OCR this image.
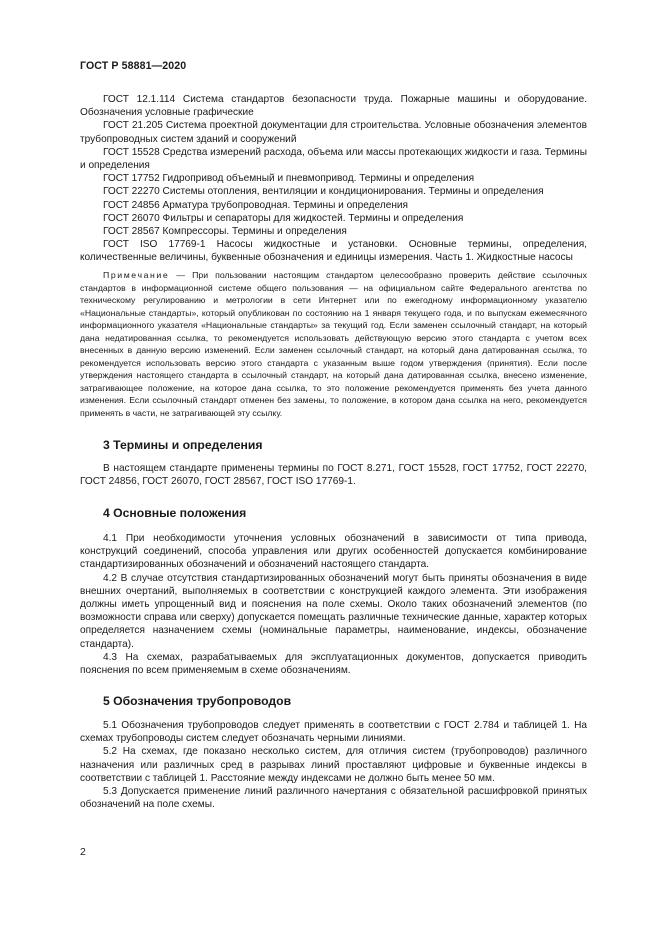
ГОСТ Р 58881—2020

ГОСТ 12.1.114 Система стандартов безопасности труда. Пожарные машины и оборудование. Обозначения условные графические

ГОСТ 21.205 Система проектной документации для строительства. Условные обозначения элементов трубопроводных систем зданий и сооружений

ГОСТ 15528 Средства измерений расхода, объема или массы протекающих жидкости и газа. Термины и определения

ГОСТ 17752 Гидропривод объемный и пневмопривод. Термины и определения

ГОСТ 22270 Системы отопления, вентиляции и кондиционирования. Термины и определения

ГОСТ 24856 Арматура трубопроводная. Термины и определения

ГОСТ 26070 Фильтры и сепараторы для жидкостей. Термины и определения

ГОСТ 28567 Компрессоры. Термины и определения

ГОСТ ISO 17769-1 Насосы жидкостные и установки. Основные термины, определения, количественные величины, буквенные обозначения и единицы измерения. Часть 1. Жидкостные насосы

Примечание — При пользовании настоящим стандартом целесообразно проверить действие ссылочных стандартов в информационной системе общего пользования — на официальном сайте Федерального агентства по техническому регулированию и метрологии в сети Интернет или по ежегодному информационному указателю «Национальные стандарты», который опубликован по состоянию на 1 января текущего года, и по выпускам ежемесячного информационного указателя «Национальные стандарты» за текущий год. Если заменен ссылочный стандарт, на который дана недатированная ссылка, то рекомендуется использовать действующую версию этого стандарта с учетом всех внесенных в данную версию изменений. Если заменен ссылочный стандарт, на который дана датированная ссылка, то рекомендуется использовать версию этого стандарта с указанным выше годом утверждения (принятия). Если после утверждения настоящего стандарта в ссылочный стандарт, на который дана датированная ссылка, внесено изменение, затрагивающее положение, на которое дана ссылка, то это положение рекомендуется применять без учета данного изменения. Если ссылочный стандарт отменен без замены, то положение, в котором дана ссылка на него, рекомендуется применять в части, не затрагивающей эту ссылку.

3 Термины и определения

В настоящем стандарте применены термины по ГОСТ 8.271, ГОСТ 15528, ГОСТ 17752, ГОСТ 22270, ГОСТ 24856, ГОСТ 26070, ГОСТ 28567, ГОСТ ISO 17769-1.

4 Основные положения

4.1 При необходимости уточнения условных обозначений в зависимости от типа привода, конструкций соединений, способа управления или других особенностей допускается комбинирование стандартизированных обозначений и обозначений настоящего стандарта.

4.2 В случае отсутствия стандартизированных обозначений могут быть приняты обозначения в виде внешних очертаний, выполняемых в соответствии с конструкцией каждого элемента. Эти изображения должны иметь упрощенный вид и пояснения на поле схемы. Около таких обозначений элементов (по возможности справа или сверху) допускается помещать различные технические данные, характер которых определяется назначением схемы (номинальные параметры, наименование, индексы, обозначение стандарта).

4.3 На схемах, разрабатываемых для эксплуатационных документов, допускается приводить пояснения по всем применяемым в схеме обозначениям.

5 Обозначения трубопроводов

5.1 Обозначения трубопроводов следует применять в соответствии с ГОСТ 2.784 и таблицей 1. На схемах трубопроводы систем следует обозначать черными линиями.

5.2 На схемах, где показано несколько систем, для отличия систем (трубопроводов) различного назначения или различных сред в разрывах линий проставляют цифровые и буквенные индексы в соответствии с таблицей 1. Расстояние между индексами не должно быть менее 50 мм.

5.3 Допускается применение линий различного начертания с обязательной расшифровкой принятых обозначений на поле схемы.

2
